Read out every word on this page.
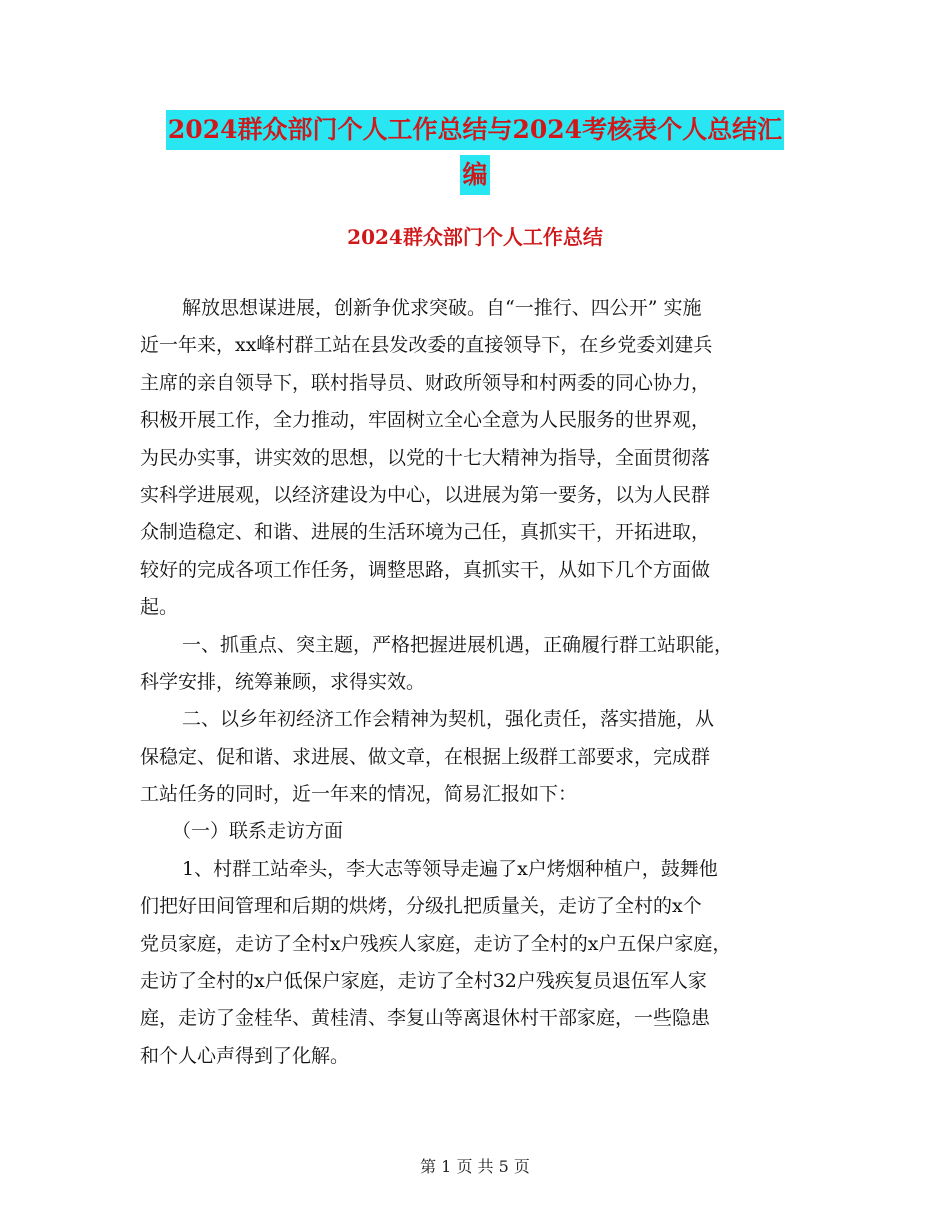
2024群众部门个人工作总结与2024考核表个人总结汇
编
2024群众部门个人工作总结
解放思想谋进展，创新争优求突破。自“一推行、四公开” 实施
近一年来，xx峰村群工站在县发改委的直接领导下，在乡党委刘建兵
主席的亲自领导下，联村指导员、财政所领导和村两委的同心协力，
积极开展工作，全力推动，牢固树立全心全意为人民服务的世界观，
为民办实事，讲实效的思想，以党的十七大精神为指导，全面贯彻落
实科学进展观，以经济建设为中心，以进展为第一要务，以为人民群
众制造稳定、和谐、进展的生活环境为己任，真抓实干，开拓进取，
较好的完成各项工作任务，调整思路，真抓实干，从如下几个方面做
起。
一、抓重点、突主题，严格把握进展机遇，正确履行群工站职能，
科学安排，统筹兼顾，求得实效。
二、以乡年初经济工作会精神为契机，强化责任，落实措施，从
保稳定、促和谐、求进展、做文章，在根据上级群工部要求，完成群
工站任务的同时，近一年来的情况，简易汇报如下：
（一）联系走访方面
1、村群工站牵头，李大志等领导走遍了x户烤烟种植户，鼓舞他
们把好田间管理和后期的烘烤，分级扎把质量关，走访了全村的x个
党员家庭，走访了全村x户残疾人家庭，走访了全村的x户五保户家庭，
走访了全村的x户低保户家庭，走访了全村32户残疾复员退伍军人家
庭，走访了金桂华、黄桂清、李复山等离退休村干部家庭，一些隐患
和个人心声得到了化解。
第 1 页 共 5 页
